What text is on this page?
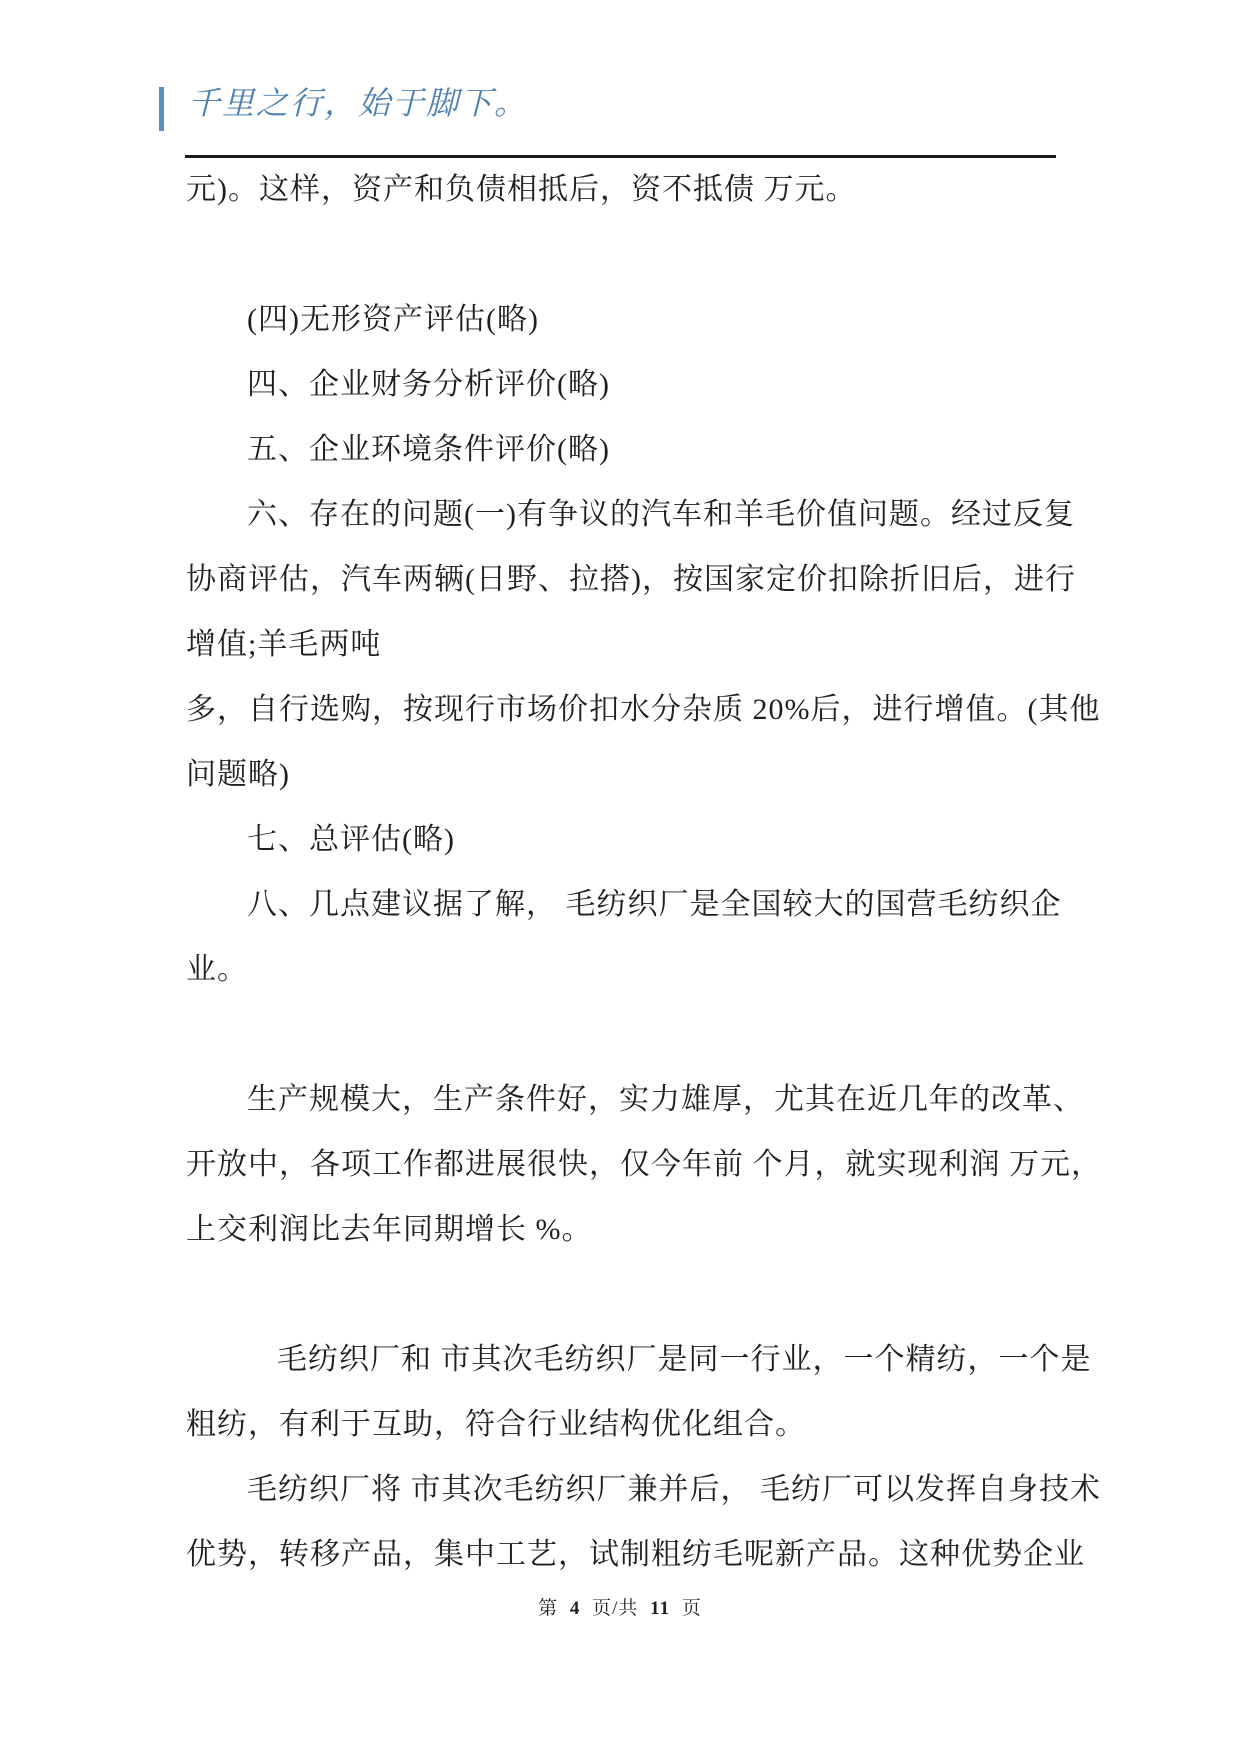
千里之行，始于脚下。
元)。这样，资产和负债相抵后，资不抵债 万元。
(四)无形资产评估(略)
四、企业财务分析评价(略)
五、企业环境条件评价(略)
六、存在的问题(一)有争议的汽车和羊毛价值问题。经过反复
协商评估，汽车两辆(日野、拉搭)，按国家定价扣除折旧后，进行
增值;羊毛两吨
多，自行选购，按现行市场价扣水分杂质 20%后，进行增值。(其他
问题略)
七、总评估(略)
八、几点建议据了解， 毛纺织厂是全国较大的国营毛纺织企
业。
生产规模大，生产条件好，实力雄厚，尤其在近几年的改革、
开放中，各项工作都进展很快，仅今年前 个月，就实现利润 万元，
上交利润比去年同期增长 %。
毛纺织厂和 市其次毛纺织厂是同一行业，一个精纺，一个是
粗纺，有利于互助，符合行业结构优化组合。
毛纺织厂将 市其次毛纺织厂兼并后， 毛纺厂可以发挥自身技术
优势，转移产品，集中工艺，试制粗纺毛呢新产品。这种优势企业
第 4 页/共 11 页
